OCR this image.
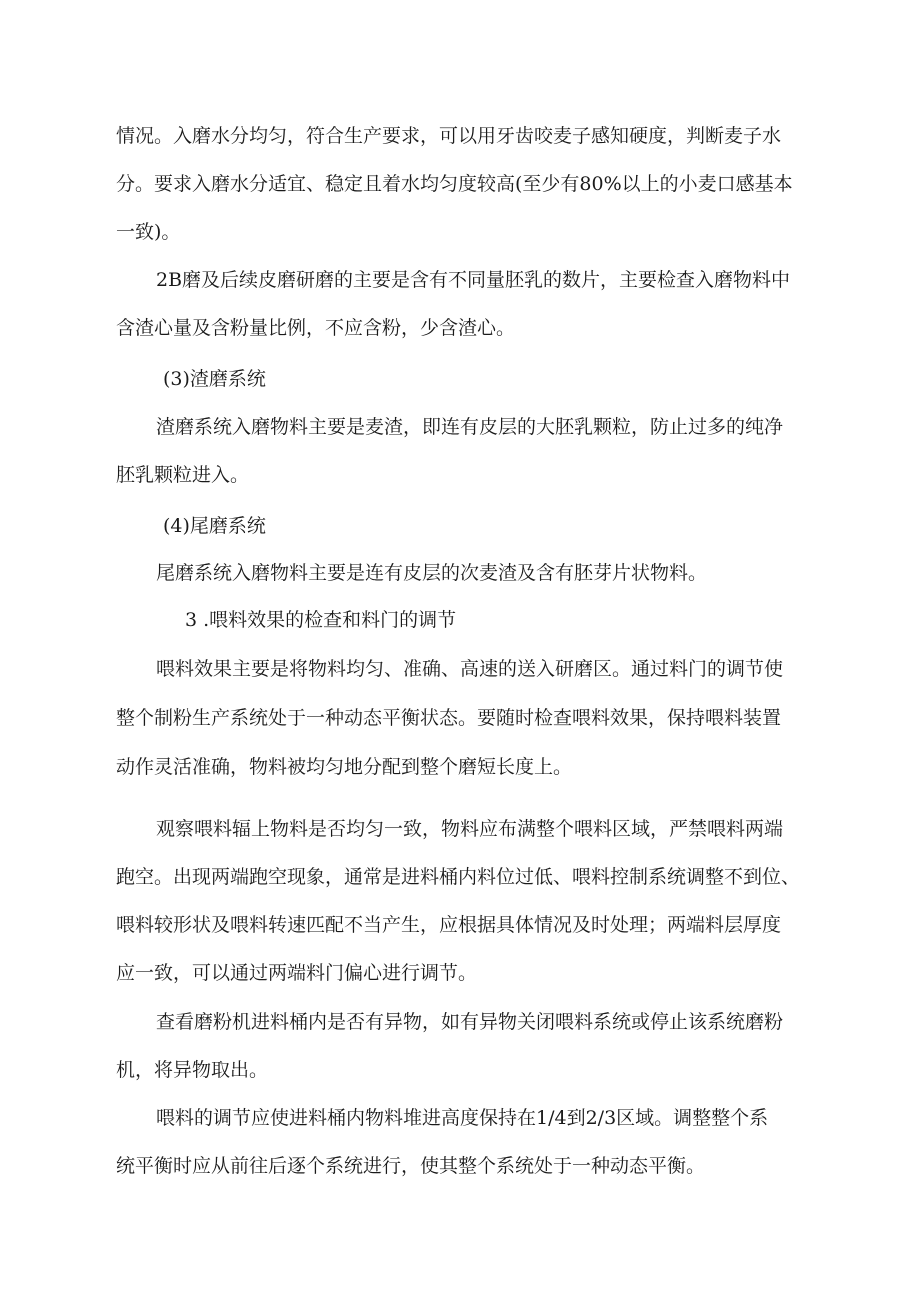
情况。入磨水分均匀，符合生产要求，可以用牙齿咬麦子感知硬度，判断麦子水
分。要求入磨水分适宜、稳定且着水均匀度较高(至少有80%以上的小麦口感基本
一致)。
2B磨及后续皮磨研磨的主要是含有不同量胚乳的数片，主要检查入磨物料中
含渣心量及含粉量比例，不应含粉，少含渣心。
(3)渣磨系统
渣磨系统入磨物料主要是麦渣，即连有皮层的大胚乳颗粒，防止过多的纯净
胚乳颗粒进入。
(4)尾磨系统
尾磨系统入磨物料主要是连有皮层的次麦渣及含有胚芽片状物料。
3 .喂料效果的检查和料门的调节
喂料效果主要是将物料均匀、准确、高速的送入研磨区。通过料门的调节使
整个制粉生产系统处于一种动态平衡状态。要随时检查喂料效果，保持喂料装置
动作灵活准确，物料被均匀地分配到整个磨短长度上。
观察喂料辐上物料是否均匀一致，物料应布满整个喂料区域，严禁喂料两端
跑空。出现两端跑空现象，通常是进料桶内料位过低、喂料控制系统调整不到位、
喂料较形状及喂料转速匹配不当产生，应根据具体情况及时处理；两端料层厚度
应一致，可以通过两端料门偏心进行调节。
查看磨粉机进料桶内是否有异物，如有异物关闭喂料系统或停止该系统磨粉
机，将异物取出。
喂料的调节应使进料桶内物料堆进高度保持在1/4到2/3区域。调整整个系
统平衡时应从前往后逐个系统进行，使其整个系统处于一种动态平衡。
